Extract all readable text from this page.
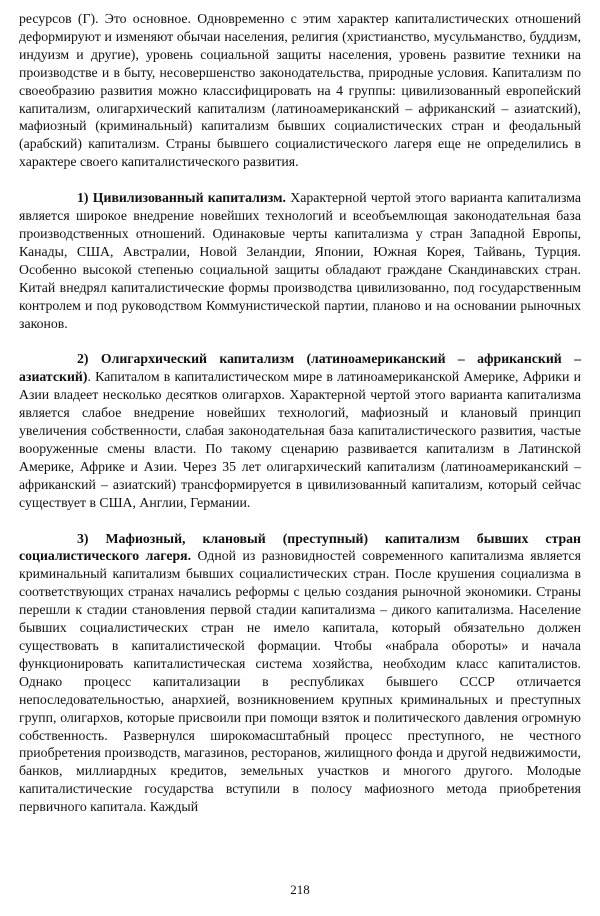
ресурсов (Г). Это основное. Одновременно с этим характер капиталистических отношений деформируют и изменяют обычаи населения, религия (христианство, мусульманство, буддизм, индуизм и другие), уровень социальной защиты населения, уровень развитие техники на производстве и в быту, несовершенство законодательства, природные условия. Капитализм по своеобразию развития можно классифицировать на 4 группы: цивилизованный европейский капитализм, олигархический капитализм (латиноамериканский – африканский – азиатский), мафиозный (криминальный) капитализм бывших социалистических стран и феодальный (арабский) капитализм. Страны бывшего социалистического лагеря еще не определились в характере своего капиталистического развития.

1) Цивилизованный капитализм. Характерной чертой этого варианта капитализма является широкое внедрение новейших технологий и всеобъемлющая законодательная база производственных отношений. Одинаковые черты капитализма у стран Западной Европы, Канады, США, Австралии, Новой Зеландии, Японии, Южная Корея, Тайвань, Турция. Особенно высокой степенью социальной защиты обладают граждане Скандинавских стран. Китай внедрял капиталистические формы производства цивилизованно, под государственным контролем и под руководством Коммунистической партии, планово и на основании рыночных законов.

2) Олигархический капитализм (латиноамериканский – африканский – азиатский). Капиталом в капиталистическом мире в латиноамериканской Америке, Африки и Азии владеет несколько десятков олигархов. Характерной чертой этого варианта капитализма является слабое внедрение новейших технологий, мафиозный и клановый принцип увеличения собственности, слабая законодательная база капиталистического развития, частые вооруженные смены власти. По такому сценарию развивается капитализм в Латинской Америке, Африке и Азии. Через 35 лет олигархический капитализм (латиноамериканский – африканский – азиатский) трансформируется в цивилизованный капитализм, который сейчас существует в США, Англии, Германии.

3) Мафиозный, клановый (преступный) капитализм бывших стран социалистического лагеря. Одной из разновидностей современного капитализма является криминальный капитализм бывших социалистических стран. После крушения социализма в соответствующих странах начались реформы с целью создания рыночной экономики. Страны перешли к стадии становления первой стадии капитализма – дикого капитализма. Население бывших социалистических стран не имело капитала, который обязательно должен существовать в капиталистической формации. Чтобы «набрала обороты» и начала функционировать капиталистическая система хозяйства, необходим класс капиталистов. Однако процесс капитализации в республиках бывшего СССР отличается непоследовательностью, анархией, возникновением крупных криминальных и преступных групп, олигархов, которые присвоили при помощи взяток и политического давления огромную собственность. Развернулся широкомасштабный процесс преступного, не честного приобретения производств, магазинов, ресторанов, жилищного фонда и другой недвижимости, банков, миллиардных кредитов, земельных участков и многого другого. Молодые капиталистические государства вступили в полосу мафиозного метода приобретения первичного капитала. Каждый

218
